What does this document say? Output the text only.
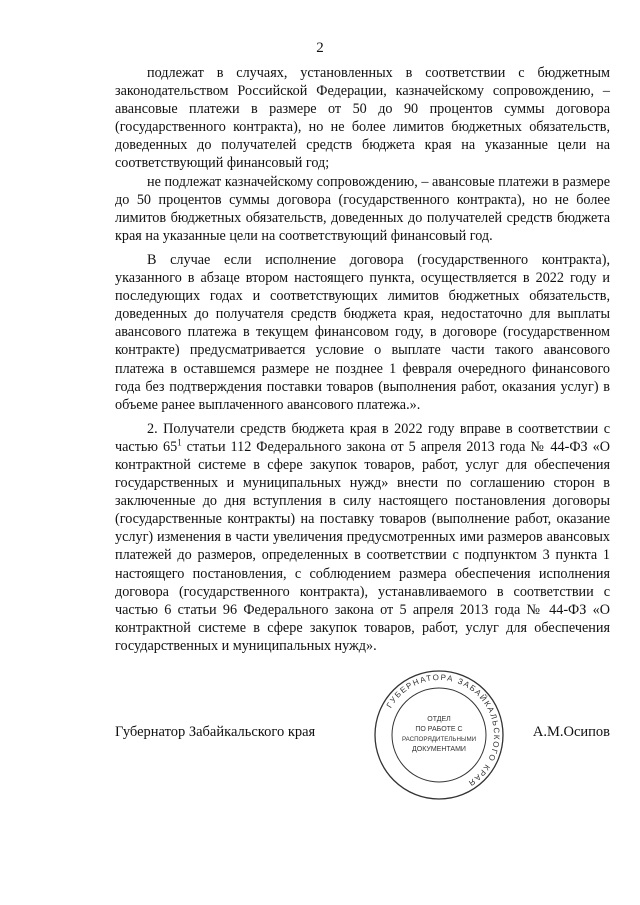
2

подлежат в случаях, установленных в соответствии с бюджетным законодательством Российской Федерации, казначейскому сопровождению, – авансовые платежи в размере от 50 до 90 процентов суммы договора (государственного контракта), но не более лимитов бюджетных обязательств, доведенных до получателей средств бюджета края на указанные цели на соответствующий финансовый год;

не подлежат казначейскому сопровождению, – авансовые платежи в размере до 50 процентов суммы договора (государственного контракта), но не более лимитов бюджетных обязательств, доведенных до получателей средств бюджета края на указанные цели на соответствующий финансовый год.

В случае если исполнение договора (государственного контракта), указанного в абзаце втором настоящего пункта, осуществляется в 2022 году и последующих годах и соответствующих лимитов бюджетных обязательств, доведенных до получателя средств бюджета края, недостаточно для выплаты авансового платежа в текущем финансовом году, в договоре (государственном контракте) предусматривается условие о выплате части такого авансового платежа в оставшемся размере не позднее 1 февраля очередного финансового года без подтверждения поставки товаров (выполнения работ, оказания услуг) в объеме ранее выплаченного авансового платежа.».

2. Получатели средств бюджета края в 2022 году вправе в соответствии с частью $65^1$ статьи 112 Федерального закона от 5 апреля 2013 года № 44-ФЗ «О контрактной системе в сфере закупок товаров, работ, услуг для обеспечения государственных и муниципальных нужд» внести по соглашению сторон в заключенные до дня вступления в силу настоящего постановления договоры (государственные контракты) на поставку товаров (выполнение работ, оказание услуг) изменения в части увеличения предусмотренных ими размеров авансовых платежей до размеров, определенных в соответствии с подпунктом 3 пункта 1 настоящего постановления, с соблюдением размера обеспечения исполнения договора (государственного контракта), устанавливаемого в соответствии с частью 6 статьи 96 Федерального закона от 5 апреля 2013 года № 44-ФЗ «О контрактной системе в сфере закупок товаров, работ, услуг для обеспечения государственных и муниципальных нужд».

Губернатор Забайкальского края	А.М.Осипов
ГУБЕРНАТОРА ЗАБАЙКАЛЬСКОГО КРАЯ
ОТДЕЛ
ПО РАБОТЕ С
РАСПОРЯДИТЕЛЬНЫМИ
ДОКУМЕНТАМИ
